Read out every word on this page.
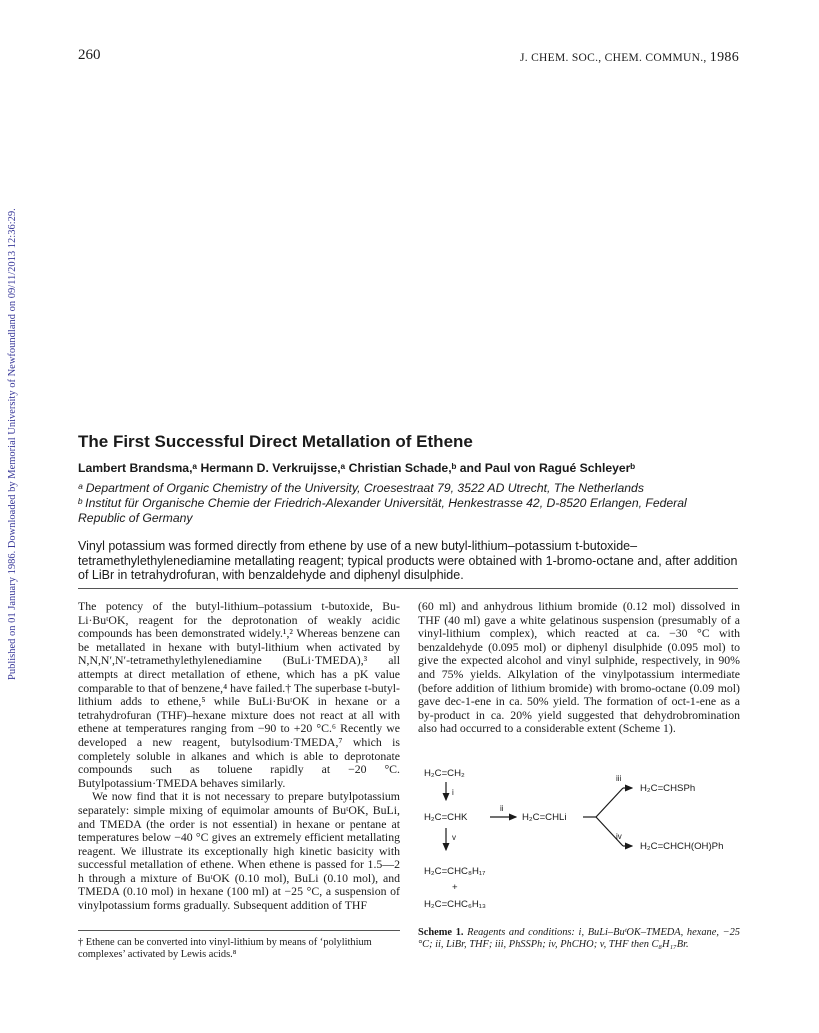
260	J. CHEM. SOC., CHEM. COMMUN., 1986
Published on 01 January 1986. Downloaded by Memorial University of Newfoundland on 09/11/2013 12:36:29.	The First Successful Direct Metallation of Ethene
Lambert Brandsma,ᵃ Hermann D. Verkruijsse,ᵃ Christian Schade,ᵇ and Paul von Ragué Schleyerᵇ
ᵃ Department of Organic Chemistry of the University, Croesestraat 79, 3522 AD Utrecht, The Netherlands
ᵇ Institut für Organische Chemie der Friedrich-Alexander Universität, Henkestrasse 42, D-8520 Erlangen, Federal Republic of Germany
Vinyl potassium was formed directly from ethene by use of a new butyl-lithium–potassium t-butoxide–tetramethylethylenediamine metallating reagent; typical products were obtained with 1-bromo-octane and, after addition of LiBr in tetrahydrofuran, with benzaldehyde and diphenyl disulphide.

The potency of the butyl-lithium–potassium t-butoxide, Bu-Li·BuᵗOK, reagent for the deprotonation of weakly acidic compounds has been demonstrated widely.¹,² Whereas benzene can be metallated in hexane with butyl-lithium when activated by N,N,N′,N′-tetramethylethylenediamine (BuLi·TMEDA),³ all attempts at direct metallation of ethene, which has a pK value comparable to that of benzene,⁴ have failed.† The superbase t-butyl-lithium adds to ethene,⁵ while BuLi·BuᵗOK in hexane or a tetrahydrofuran (THF)–hexane mixture does not react at all with ethene at temperatures ranging from −90 to +20 °C.⁶ Recently we developed a new reagent, butylsodium·TMEDA,⁷ which is completely soluble in alkanes and which is able to deprotonate compounds such as toluene rapidly at −20 °C. Butylpotassium·TMEDA behaves similarly.

We now find that it is not necessary to prepare butylpotassium separately: simple mixing of equimolar amounts of BuᵗOK, BuLi, and TMEDA (the order is not essential) in hexane or pentane at temperatures below −40 °C gives an extremely efficient metallating reagent. We illustrate its exceptionally high kinetic basicity with successful metallation of ethene. When ethene is passed for 1.5—2 h through a mixture of BuᵗOK (0.10 mol), BuLi (0.10 mol), and TMEDA (0.10 mol) in hexane (100 ml) at −25 °C, a suspension of vinylpotassium forms gradually. Subsequent addition of THF

(60 ml) and anhydrous lithium bromide (0.12 mol) dissolved in THF (40 ml) gave a white gelatinous suspension (presumably of a vinyl-lithium complex), which reacted at ca. −30 °C with benzaldehyde (0.095 mol) or diphenyl disulphide (0.095 mol) to give the expected alcohol and vinyl sulphide, respectively, in 90% and 75% yields. Alkylation of the vinylpotassium intermediate (before addition of lithium bromide) with bromo-octane (0.09 mol) gave dec-1-ene in ca. 50% yield. The formation of oct-1-ene as a by-product in ca. 20% yield suggested that dehydrobromination also had occurred to a considerable extent (Scheme 1).

† Ethene can be converted into vinyl-lithium by means of ‘polylithium complexes’ activated by Lewis acids.⁸
H₂C=CH₂
i
H₂C=CHK
ii
H₂C=CHLi
iii
H₂C=CHSPh
iv
H₂C=CHCH(OH)Ph
v
H₂C=CHC₈H₁₇
+
H₂C=CHC₆H₁₃
Scheme 1. Reagents and conditions: i, BuLi–BuᵗOK–TMEDA, hexane, −25 °C; ii, LiBr, THF; iii, PhSSPh; iv, PhCHO; v, THF then C₈H₁₇Br.
